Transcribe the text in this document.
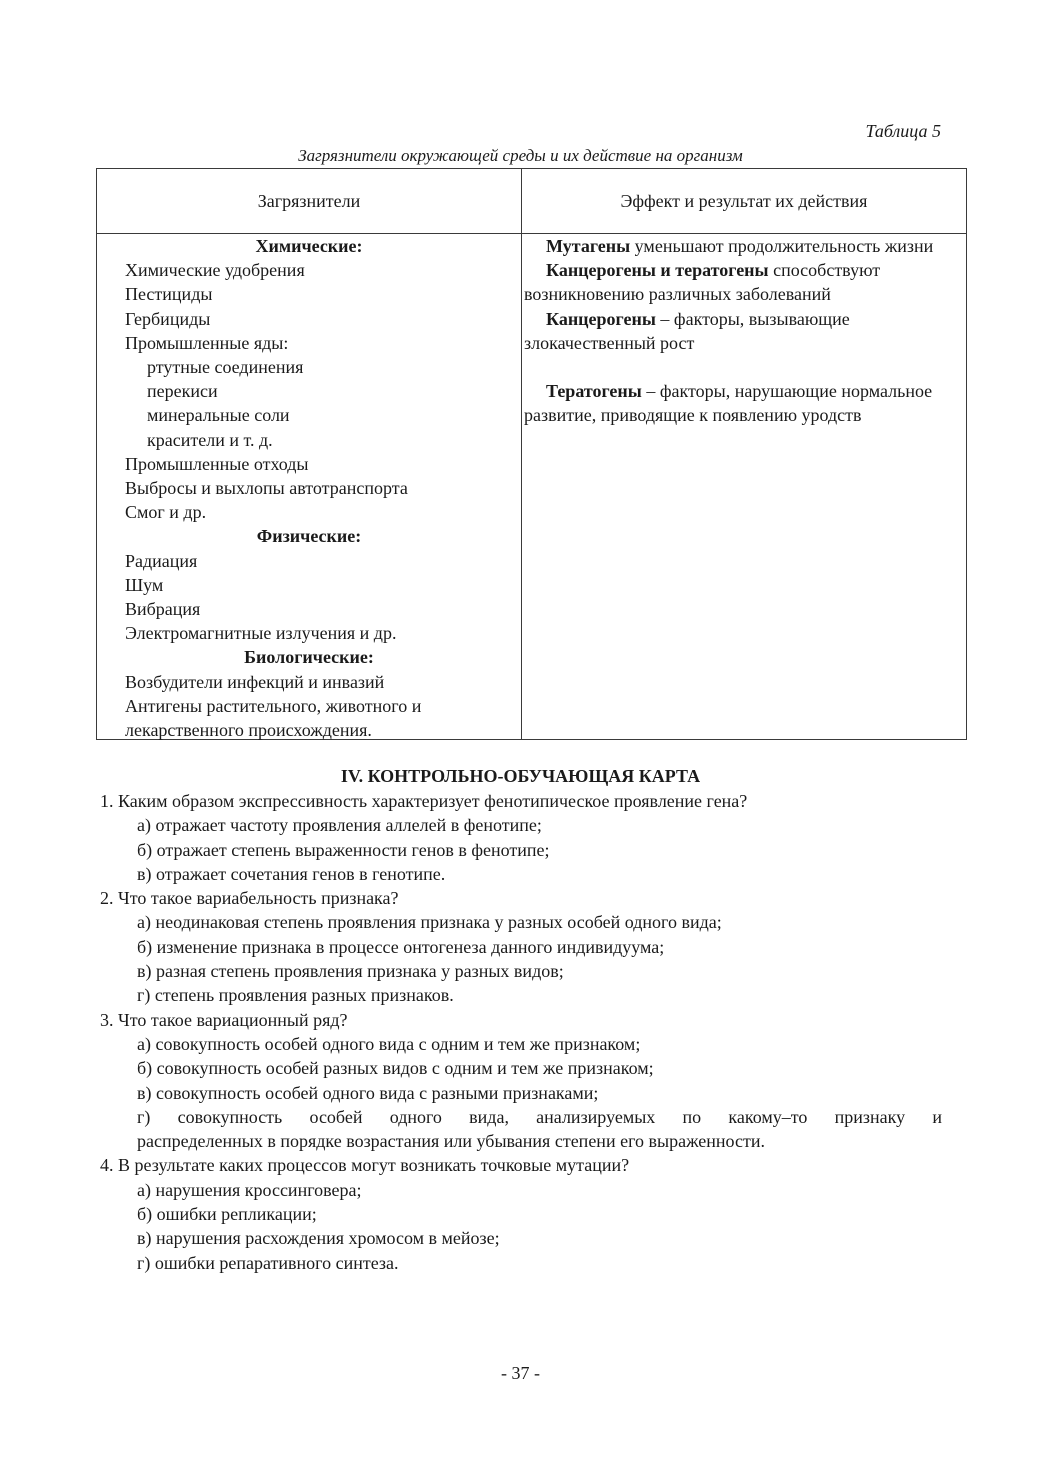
Таблица 5
Загрязнители окружающей среды и их действие на организм
Загрязнители	Эффект и результат их действия
Химические:
Химические удобрения
Пестициды
Гербициды
Промышленные яды:
ртутные соединения
перекиси
минеральные соли
красители и т. д.
Промышленные отходы
Выбросы и выхлопы автотранспорта
Смог и др.
Физические:
Радиация
Шум
Вибрация
Электромагнитные излучения и др.
Биологические:
Возбудители инфекций и инвазий
Антигены растительного, животного и лекарственного происхождения.
Мутагены уменьшают продолжительность жизни
Канцерогены и тератогены способствуют возникновению различных заболеваний
Канцерогены – факторы, вызывающие злокачественный рост
Тератогены – факторы, нарушающие нормальное развитие, приводящие к появлению уродств
IV. КОНТРОЛЬНО-ОБУЧАЮЩАЯ КАРТА
1. Каким образом экспрессивность характеризует фенотипическое проявление гена?
а) отражает частоту проявления аллелей в фенотипе;
б) отражает степень выраженности генов в фенотипе;
в) отражает сочетания генов в генотипе.
2. Что такое вариабельность признака?
а) неодинаковая степень проявления признака у разных особей одного вида;
б) изменение признака в процессе онтогенеза данного индивидуума;
в) разная степень проявления признака у разных видов;
г) степень проявления разных признаков.
3. Что такое вариационный ряд?
а) совокупность особей одного вида с одним и тем же признаком;
б) совокупность особей разных видов с одним и тем же признаком;
в) совокупность особей одного вида с разными признаками;
г) совокупность особей одного вида, анализируемых по какому–то признаку и
распределенных в порядке возрастания или убывания степени его выраженности.
4. В результате каких процессов могут возникать точковые мутации?
а) нарушения кроссинговера;
б) ошибки репликации;
в) нарушения расхождения хромосом в мейозе;
г) ошибки репаративного синтеза.
- 37 -
